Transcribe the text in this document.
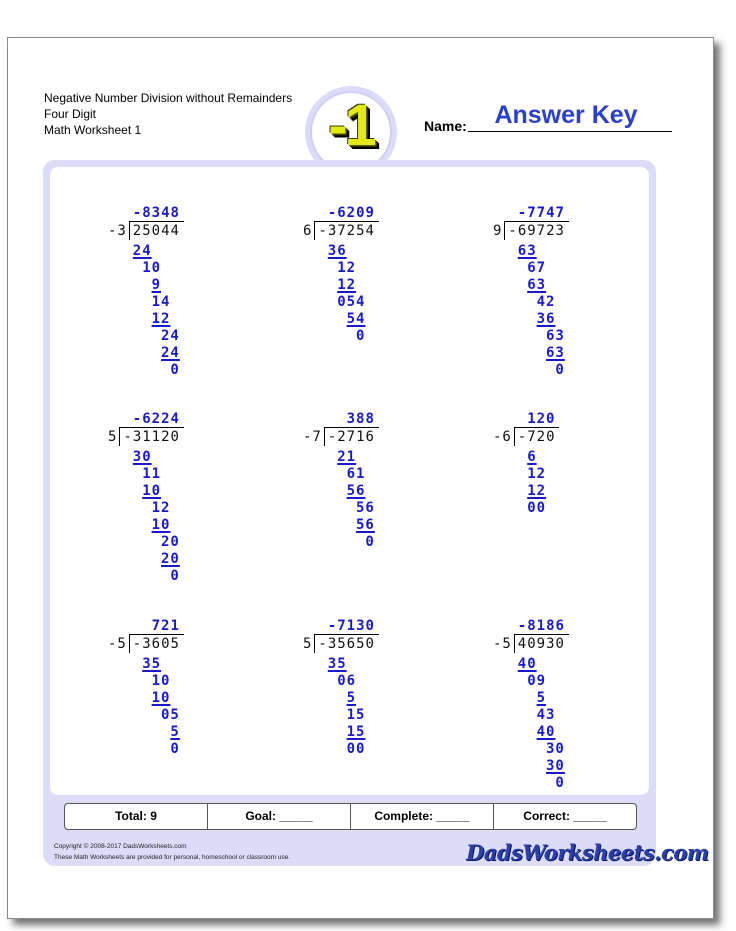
Negative Number Division without Remainders
Four Digit
Math Worksheet 1	-1	Name:	Answer Key
-8348
-3 25044
24
10
9
14
12
24
24
0
-6209
6 -37254
36
12
12
054
54
0
-7747
9 -69723
63
67
63
42
36
63
63
0
-6224
5 -31120
30
11
10
12
10
20
20
0
388
-7 -2716
21
61
56
56
56
0
120
-6 -720
6
12
12
00
721
-5 -3605
35
10
10
05
5
0
-7130
5 -35650
35
06
5
15
15
00
-8186
-5 40930
40
09
5
43
40
30
30
0
Total: 9	Goal: _____	Complete: _____	Correct: _____
Copyright © 2008-2017 DadsWorksheets.com
These Math Worksheets are provided for personal, homeschool or classroom use.	DadsWorksheets.com
